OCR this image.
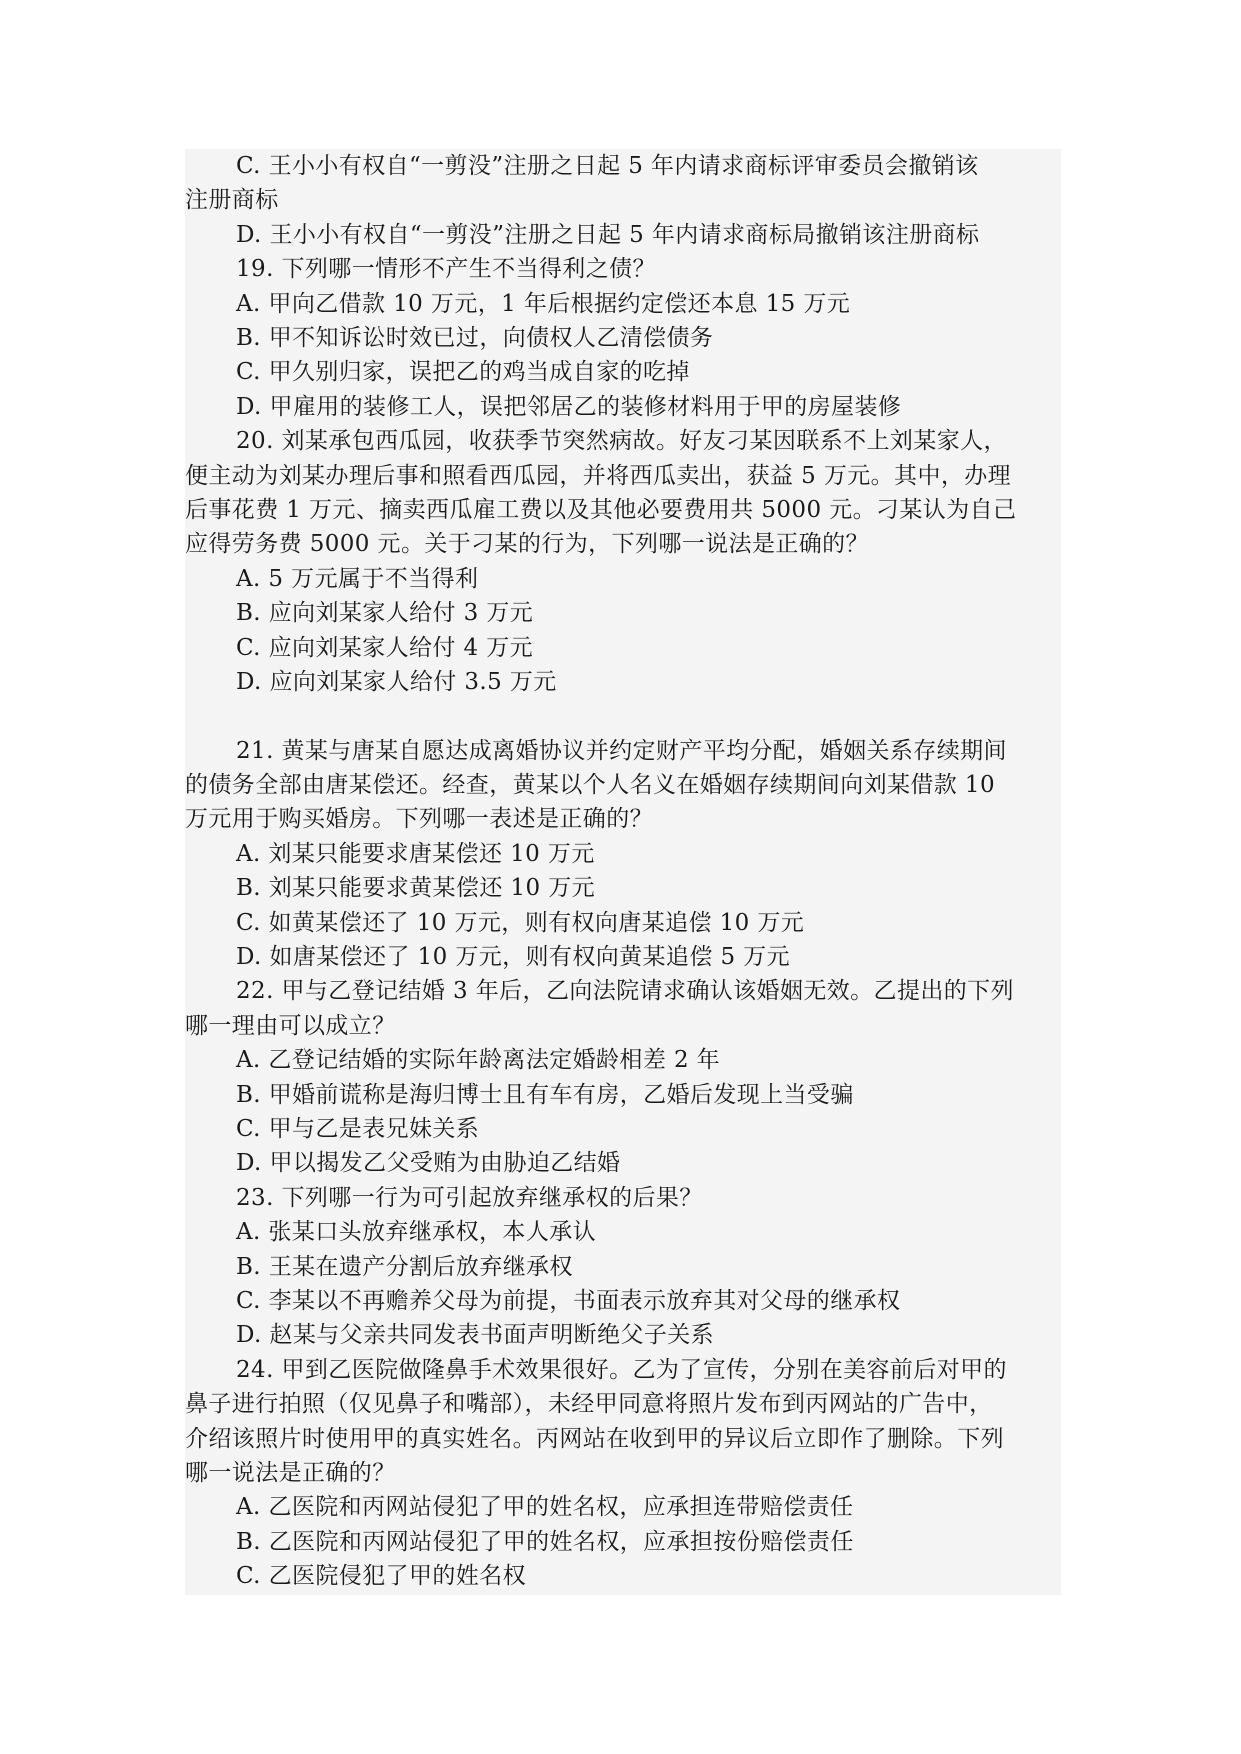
C. 王小小有权自“一剪没”注册之日起 5 年内请求商标评审委员会撤销该
注册商标
D. 王小小有权自“一剪没”注册之日起 5 年内请求商标局撤销该注册商标
19. 下列哪一情形不产生不当得利之债？
A. 甲向乙借款 10 万元，1 年后根据约定偿还本息 15 万元
B. 甲不知诉讼时效已过，向债权人乙清偿债务
C. 甲久别归家，误把乙的鸡当成自家的吃掉
D. 甲雇用的装修工人，误把邻居乙的装修材料用于甲的房屋装修
20. 刘某承包西瓜园，收获季节突然病故。好友刁某因联系不上刘某家人，
便主动为刘某办理后事和照看西瓜园，并将西瓜卖出，获益 5 万元。其中，办理
后事花费 1 万元、摘卖西瓜雇工费以及其他必要费用共 5000 元。刁某认为自己
应得劳务费 5000 元。关于刁某的行为，下列哪一说法是正确的？
A. 5 万元属于不当得利
B. 应向刘某家人给付 3 万元
C. 应向刘某家人给付 4 万元
D. 应向刘某家人给付 3.5 万元
21. 黄某与唐某自愿达成离婚协议并约定财产平均分配，婚姻关系存续期间
的债务全部由唐某偿还。经查，黄某以个人名义在婚姻存续期间向刘某借款 10
万元用于购买婚房。下列哪一表述是正确的？
A. 刘某只能要求唐某偿还 10 万元
B. 刘某只能要求黄某偿还 10 万元
C. 如黄某偿还了 10 万元，则有权向唐某追偿 10 万元
D. 如唐某偿还了 10 万元，则有权向黄某追偿 5 万元
22. 甲与乙登记结婚 3 年后，乙向法院请求确认该婚姻无效。乙提出的下列
哪一理由可以成立？
A. 乙登记结婚的实际年龄离法定婚龄相差 2 年
B. 甲婚前谎称是海归博士且有车有房，乙婚后发现上当受骗
C. 甲与乙是表兄妹关系
D. 甲以揭发乙父受贿为由胁迫乙结婚
23. 下列哪一行为可引起放弃继承权的后果？
A. 张某口头放弃继承权，本人承认
B. 王某在遗产分割后放弃继承权
C. 李某以不再赡养父母为前提，书面表示放弃其对父母的继承权
D. 赵某与父亲共同发表书面声明断绝父子关系
24. 甲到乙医院做隆鼻手术效果很好。乙为了宣传，分别在美容前后对甲的
鼻子进行拍照（仅见鼻子和嘴部），未经甲同意将照片发布到丙网站的广告中，
介绍该照片时使用甲的真实姓名。丙网站在收到甲的异议后立即作了删除。下列
哪一说法是正确的？
A. 乙医院和丙网站侵犯了甲的姓名权，应承担连带赔偿责任
B. 乙医院和丙网站侵犯了甲的姓名权，应承担按份赔偿责任
C. 乙医院侵犯了甲的姓名权
